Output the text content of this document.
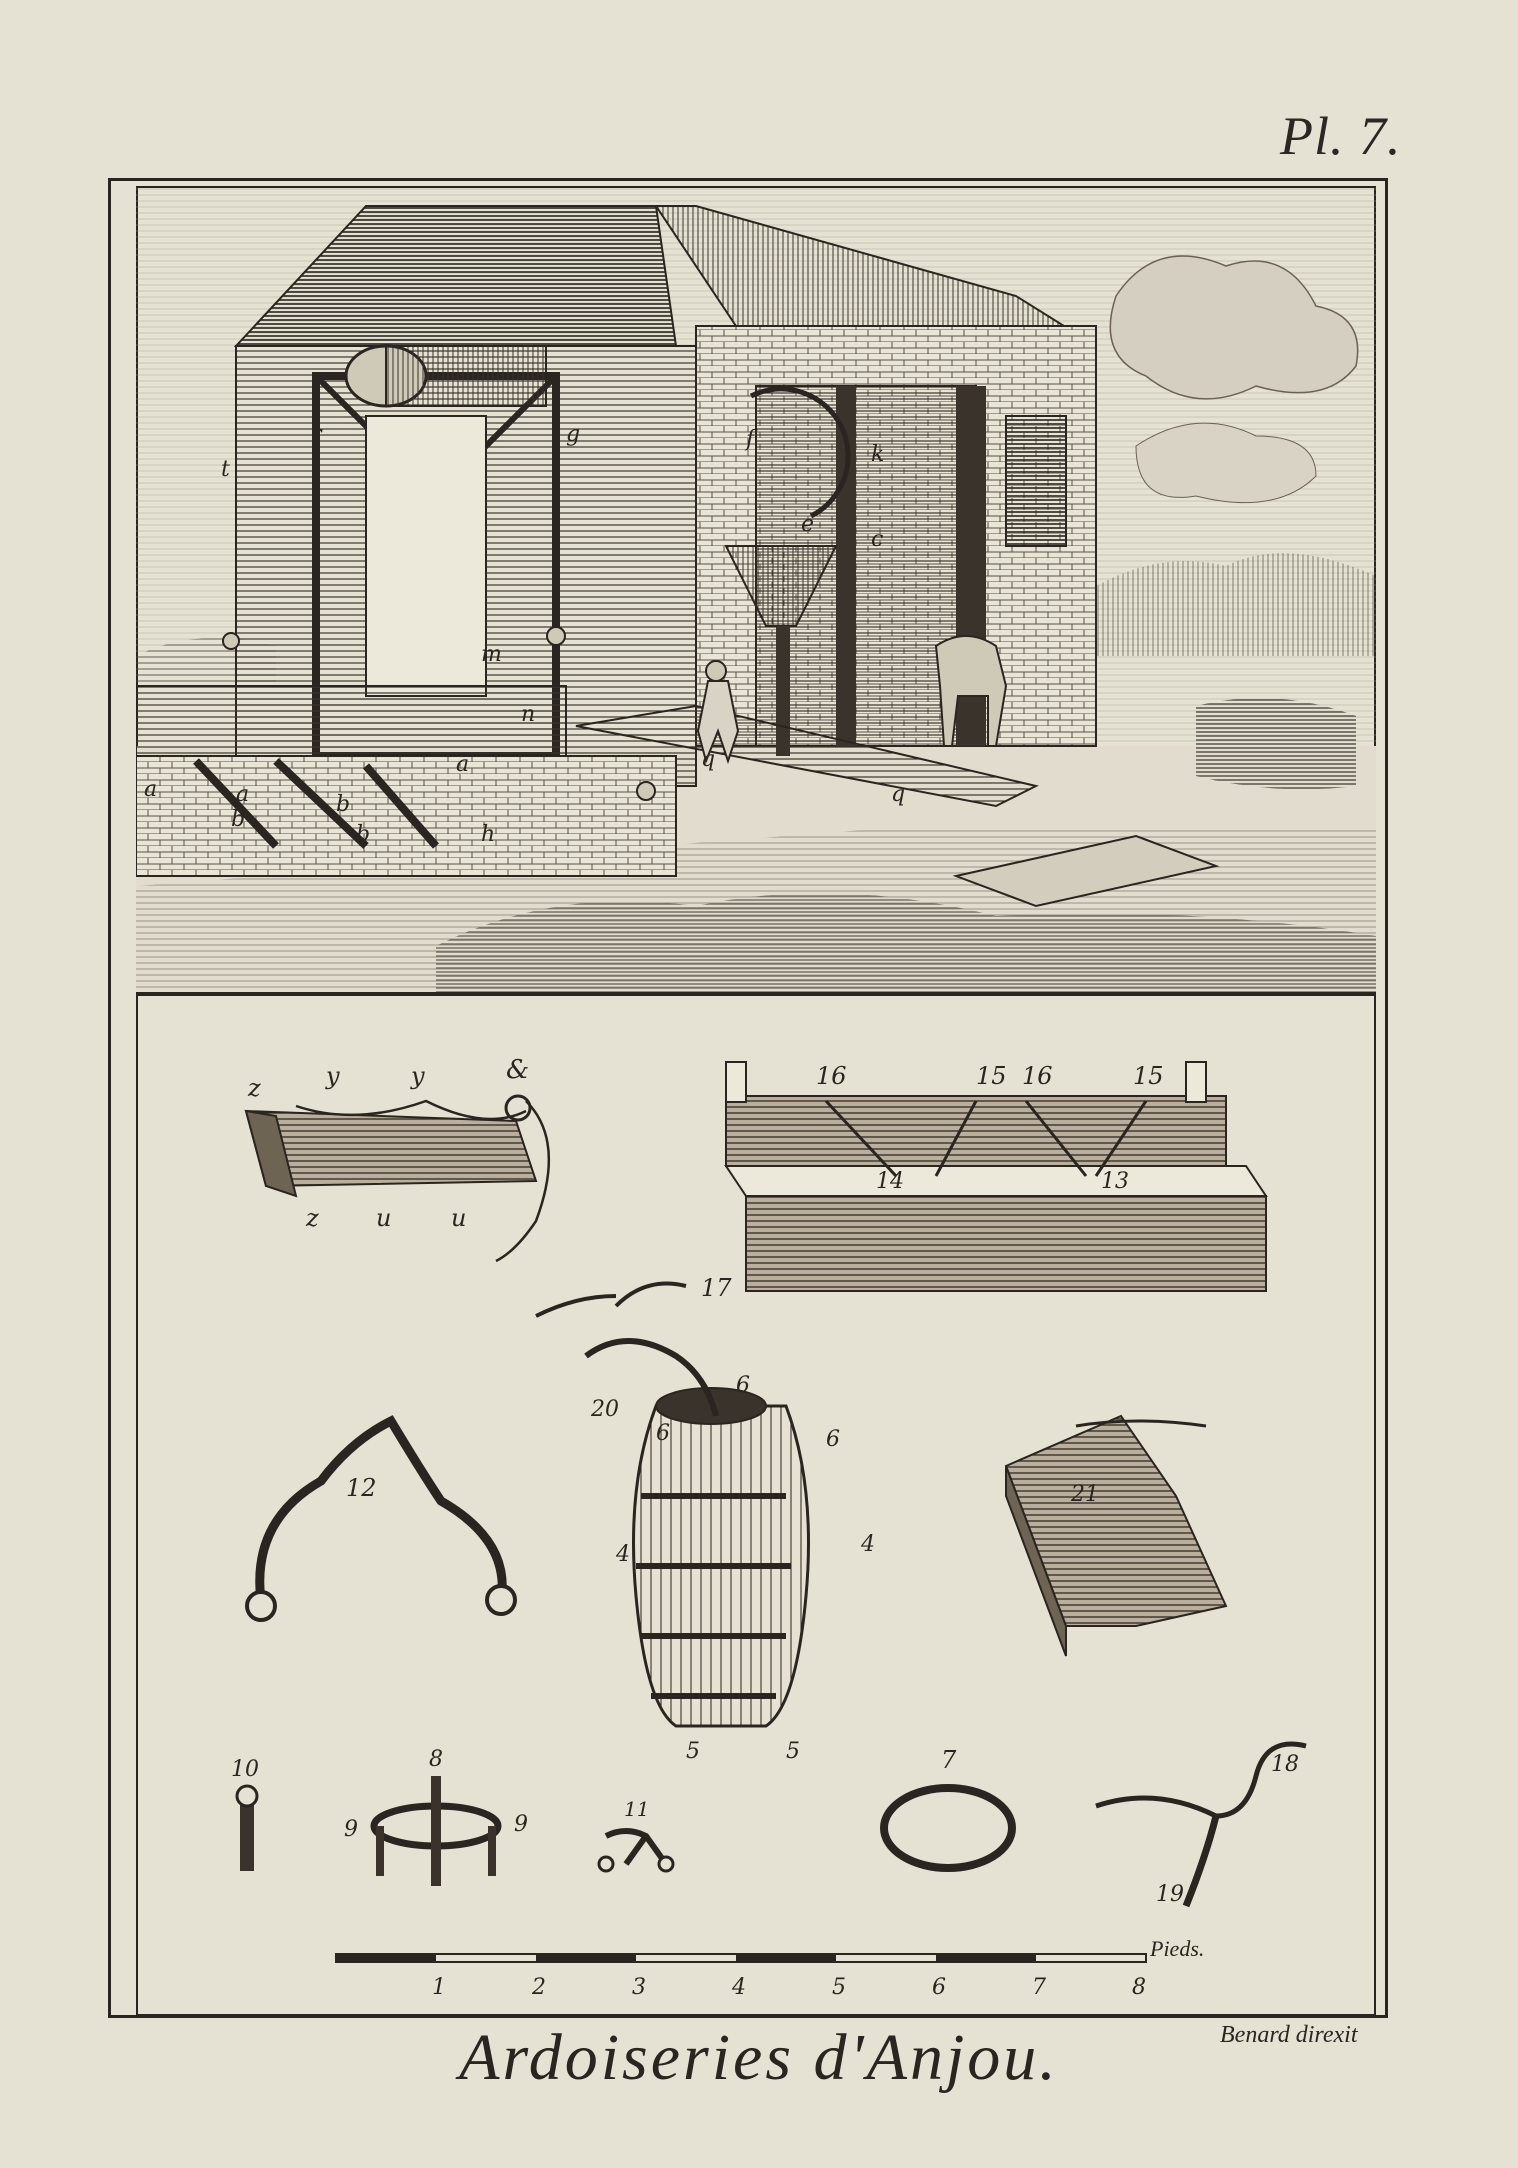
Pl. 7.
r	g
t
f
k
e
c
m
n
a
a
a
b
b
b	h
q
q
z	y	y	&
z u u
16	15 16	15
14	13
17
12
20
6
6	6
4	4
5	5
21
10	8
9	9
11
7	18
19
1	2	3	4	5	6	7	8
Pieds.
Benard direxit
Ardoiseries d'Anjou.
